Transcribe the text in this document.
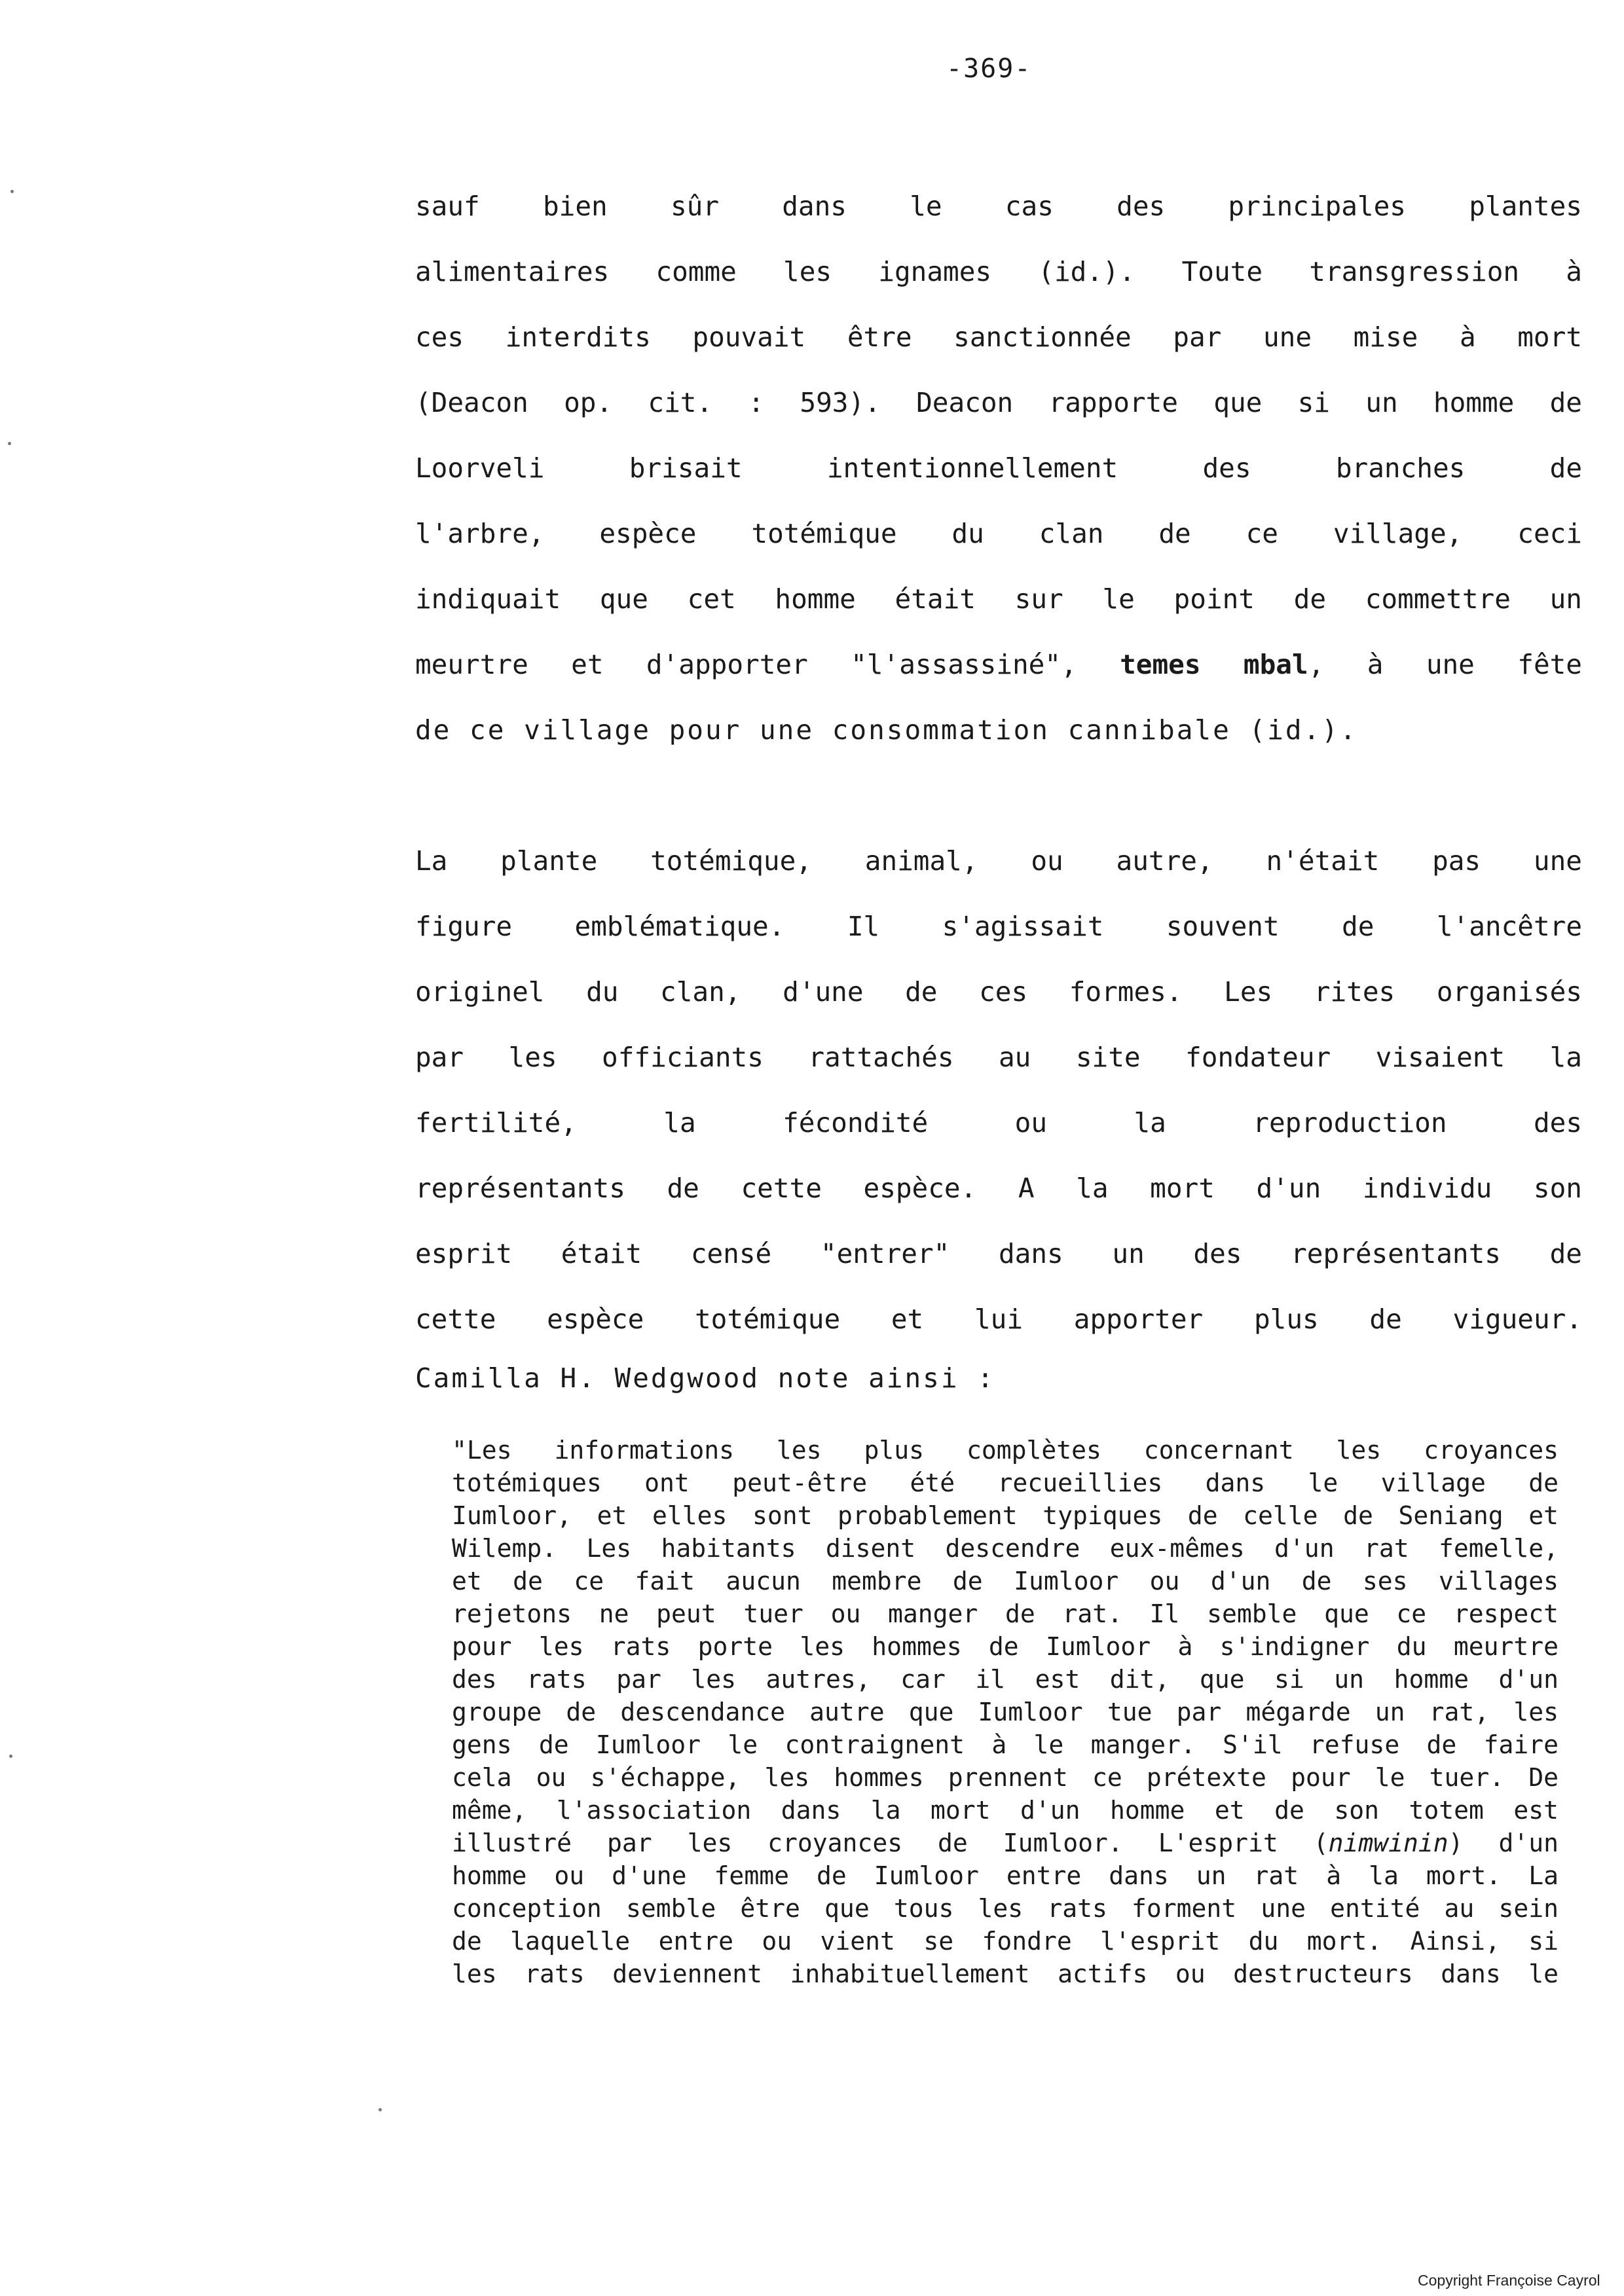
-369-
sauf bien sûr dans le cas des principales plantes
alimentaires comme les ignames (id.). Toute transgression à
ces interdits pouvait être sanctionnée par une mise à mort
(Deacon op. cit. : 593). Deacon rapporte que si un homme de
Loorveli brisait intentionnellement des branches de
l'arbre, espèce totémique du clan de ce village, ceci
indiquait que cet homme était sur le point de commettre un
meurtre et d'apporter "l'assassiné", temes mbal, à une fête
de ce village pour une consommation cannibale (id.).
La plante totémique, animal, ou autre, n'était pas une
figure emblématique. Il s'agissait souvent de l'ancêtre
originel du clan, d'une de ces formes. Les rites organisés
par les officiants rattachés au site fondateur visaient la
fertilité, la fécondité ou la reproduction des
représentants de cette espèce. A la mort d'un individu son
esprit était censé "entrer" dans un des représentants de
cette espèce totémique et lui apporter plus de vigueur.
Camilla H. Wedgwood note ainsi :
"Les informations les plus complètes concernant les croyances
totémiques ont peut-être été recueillies dans le village de
Iumloor, et elles sont probablement typiques de celle de Seniang et
Wilemp. Les habitants disent descendre eux-mêmes d'un rat femelle,
et de ce fait aucun membre de Iumloor ou d'un de ses villages
rejetons ne peut tuer ou manger de rat. Il semble que ce respect
pour les rats porte les hommes de Iumloor à s'indigner du meurtre
des rats par les autres, car il est dit, que si un homme d'un
groupe de descendance autre que Iumloor tue par mégarde un rat, les
gens de Iumloor le contraignent à le manger. S'il refuse de faire
cela ou s'échappe, les hommes prennent ce prétexte pour le tuer. De
même, l'association dans la mort d'un homme et de son totem est
illustré par les croyances de Iumloor. L'esprit (nimwinin) d'un
homme ou d'une femme de Iumloor entre dans un rat à la mort. La
conception semble être que tous les rats forment une entité au sein
de laquelle entre ou vient se fondre l'esprit du mort. Ainsi, si
les rats deviennent inhabituellement actifs ou destructeurs dans le
Copyright Françoise Cayrol
